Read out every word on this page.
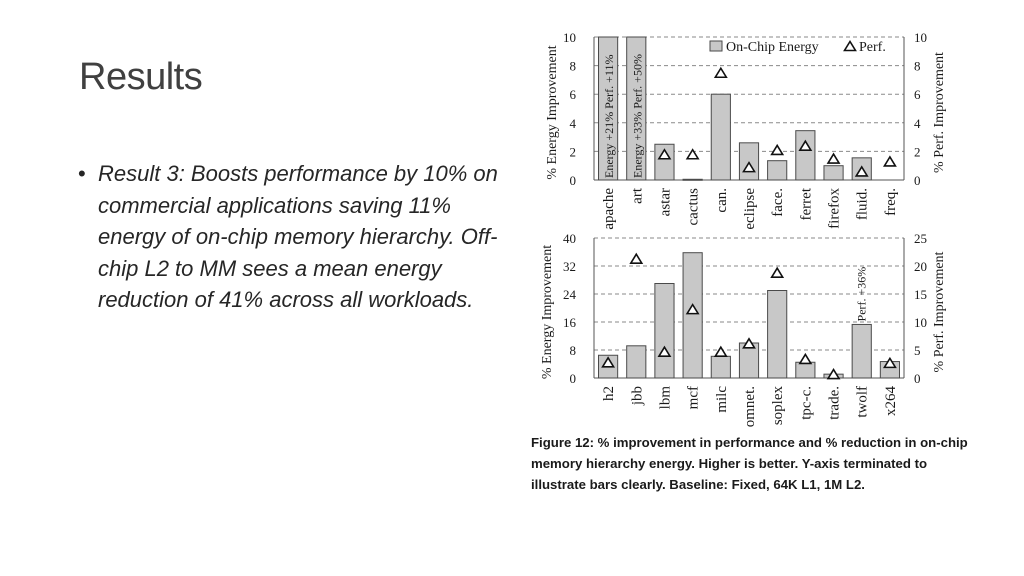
Results
• Result 3: Boosts performance by 10% on commercial applications saving 11% energy of on-chip memory hierarchy. Off-chip L2 to MM sees a mean energy reduction of 41% across all workloads.
0
2
4
6
8
10
0
2
4
6
8
10
% Energy Improvement	% Perf. Improvement
apache art astar cactus can. eclipse face. ferret firefox fluid. freq.
Energy +21% Perf. +11% Energy +33% Perf. +50%
On-Chip Energy	Perf.
0
8
16
24
32
40
0
5
10
15
20
25
% Energy Improvement	% Perf. Improvement
h2 jbb lbm mcf milc omnet. soplex tpc-c. trade. twolf x264
Perf. +36%
Figure 12: % improvement in performance and % reduction in on-chip memory hierarchy energy. Higher is better. Y-axis terminated to illustrate bars clearly. Baseline: Fixed, 64K L1, 1M L2.
